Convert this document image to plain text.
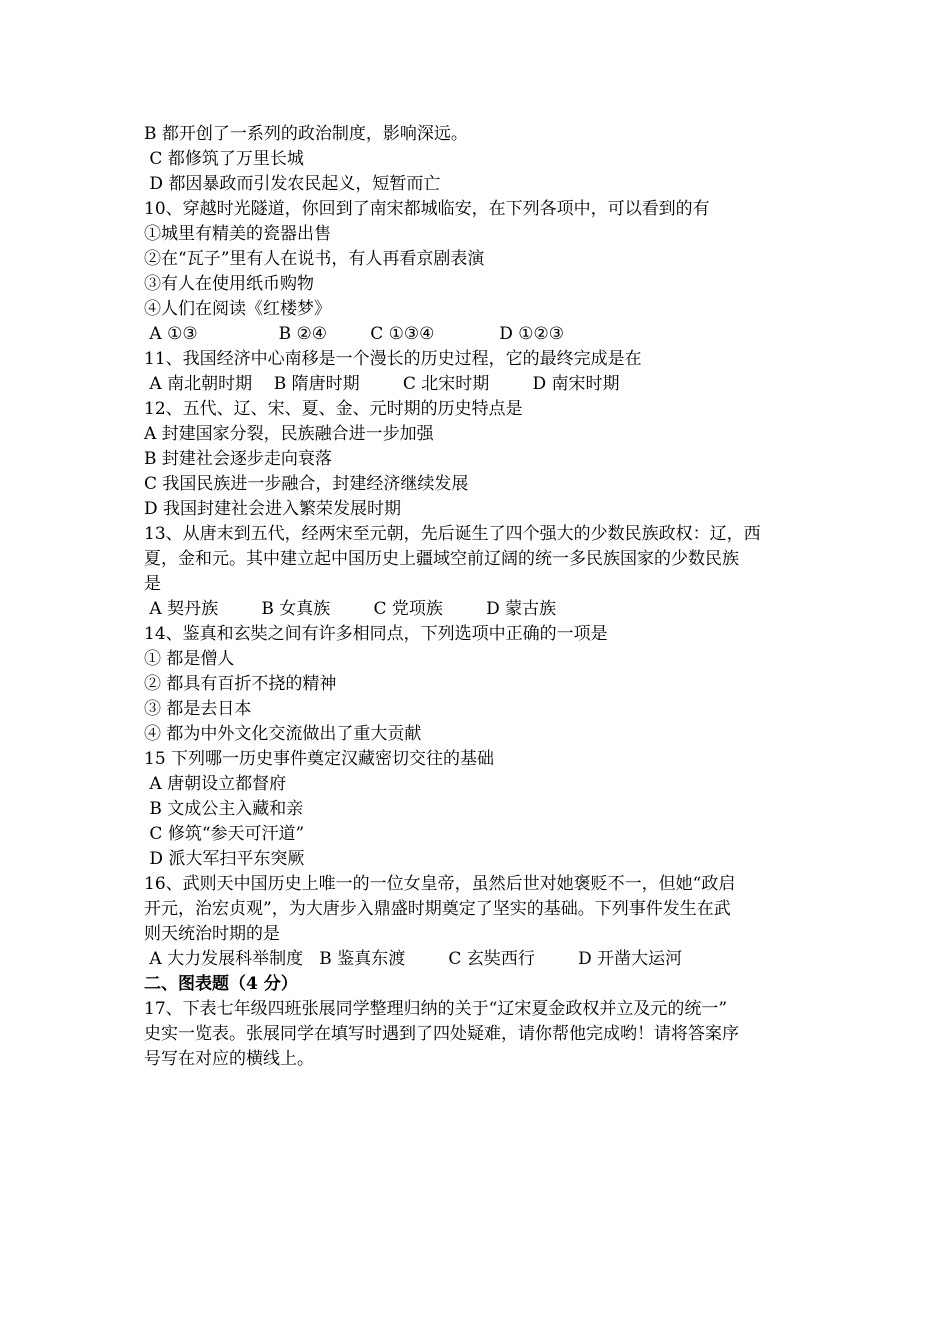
B 都开创了一系列的政治制度，影响深远。
C 都修筑了万里长城
D 都因暴政而引发农民起义，短暂而亡
10、穿越时光隧道，你回到了南宋都城临安，在下列各项中，可以看到的有
①城里有精美的瓷器出售
②在“瓦子”里有人在说书，有人再看京剧表演
③有人在使用纸币购物
④人们在阅读《红楼梦》
A ①③               B ②④        C ①③④            D ①②③
11、我国经济中心南移是一个漫长的历史过程，它的最终完成是在
A 南北朝时期    B 隋唐时期        C 北宋时期        D 南宋时期
12、五代、辽、宋、夏、金、元时期的历史特点是
A 封建国家分裂，民族融合进一步加强
B 封建社会逐步走向衰落
C 我国民族进一步融合，封建经济继续发展
D 我国封建社会进入繁荣发展时期
13、从唐末到五代，经两宋至元朝，先后诞生了四个强大的少数民族政权：辽，西
夏，金和元。其中建立起中国历史上疆域空前辽阔的统一多民族国家的少数民族
是
A 契丹族        B 女真族        C 党项族        D 蒙古族
14、鉴真和玄奘之间有许多相同点，下列选项中正确的一项是
① 都是僧人
② 都具有百折不挠的精神
③ 都是去日本
④ 都为中外文化交流做出了重大贡献
15 下列哪一历史事件奠定汉藏密切交往的基础
A 唐朝设立都督府
B 文成公主入藏和亲
C 修筑“参天可汗道”
D 派大军扫平东突厥
16、武则天中国历史上唯一的一位女皇帝，虽然后世对她褒贬不一，但她“政启
开元，治宏贞观”，为大唐步入鼎盛时期奠定了坚实的基础。下列事件发生在武
则天统治时期的是
A 大力发展科举制度   B 鉴真东渡        C 玄奘西行        D 开凿大运河
二、图表题（4 分）
17、下表七年级四班张展同学整理归纳的关于“辽宋夏金政权并立及元的统一”
史实一览表。张展同学在填写时遇到了四处疑难，请你帮他完成哟！请将答案序
号写在对应的横线上。
